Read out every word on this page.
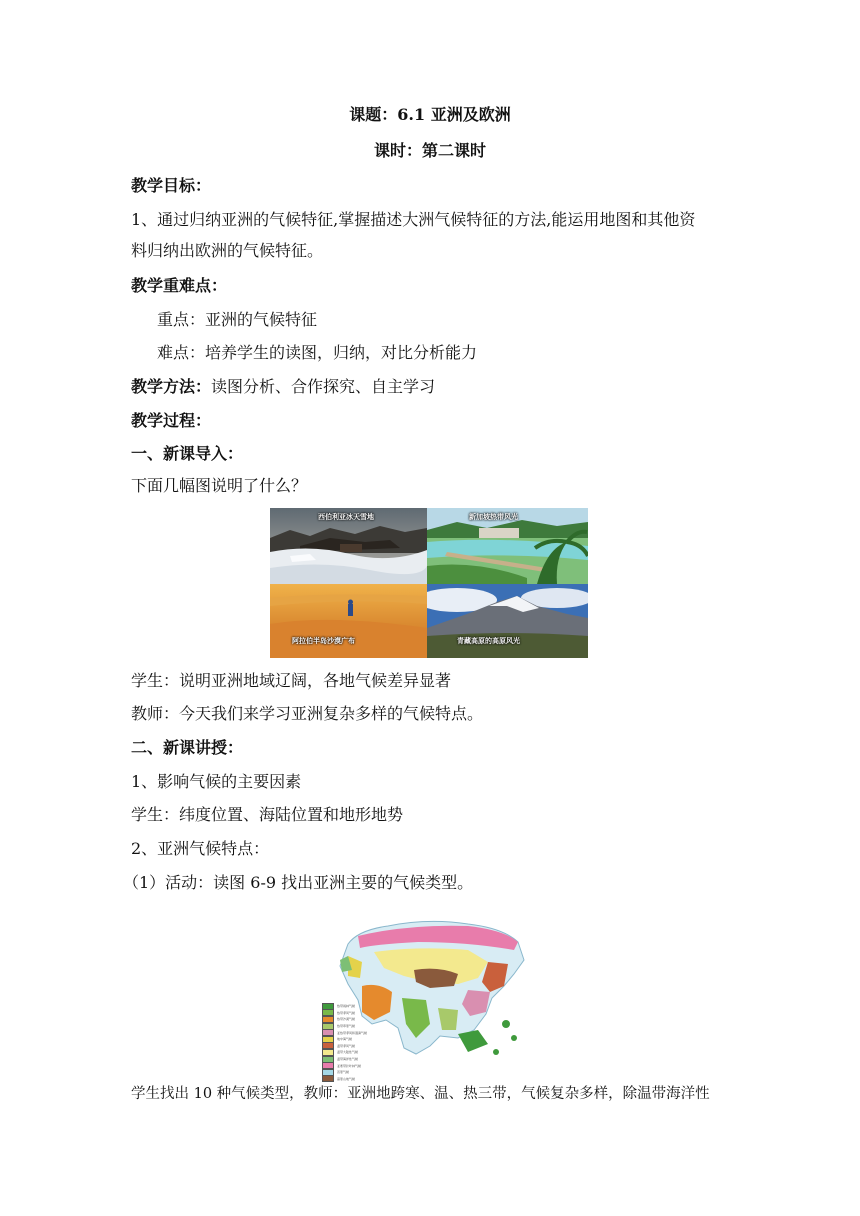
课题：6.1 亚洲及欧洲
课时：第二课时
教学目标：
1、通过归纳亚洲的气候特征,掌握描述大洲气候特征的方法,能运用地图和其他资
料归纳出欧洲的气候特征。
教学重难点：
重点：亚洲的气候特征
难点：培养学生的读图，归纳，对比分析能力
教学方法：读图分析、合作探究、自主学习
教学过程：
一、新课导入：
下面几幅图说明了什么？
西伯利亚冰天雪地	新加坡热带风光
阿拉伯半岛沙漠广布	青藏高原的高原风光
学生：说明亚洲地域辽阔，各地气候差异显著
教师：今天我们来学习亚洲复杂多样的气候特点。
二、新课讲授：
1、影响气候的主要因素
学生：纬度位置、海陆位置和地形地势
2、亚洲气候特点：
（1）活动：读图 6-9 找出亚洲主要的气候类型。
热带雨林气候
热带季风气候
热带沙漠气候
热带草原气候
亚热带季风和湿润气候
地中海气候
温带季风气候
温带大陆性气候
温带海洋性气候
亚寒带针叶林气候
苔原气候
高原山地气候
学生找出 10 种气候类型，教师：亚洲地跨寒、温、热三带，气候复杂多样，除温带海洋性
